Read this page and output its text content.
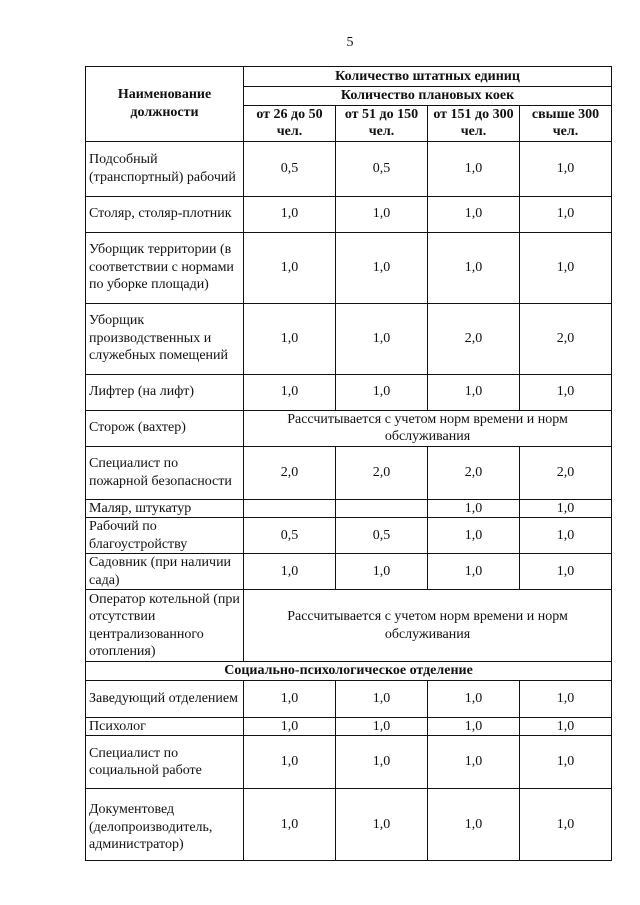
5
Наименование должности	Количество штатных единиц			
	Количество плановых коек			
	от 26 до 50 чел.	от 51 до 150 чел.	от 151 до 300 чел.	свыше 300 чел.
Подсобный (транспортный) рабочий	0,5	0,5	1,0	1,0
Столяр, столяр-плотник	1,0	1,0	1,0	1,0
Уборщик территории (в соответствии с нормами по уборке площади)	1,0	1,0	1,0	1,0
Уборщик производственных и служебных помещений	1,0	1,0	2,0	2,0
Лифтер (на лифт)	1,0	1,0	1,0	1,0
Сторож (вахтер)	Рассчитывается с учетом норм времени и норм обслуживания			
Специалист по пожарной безопасности	2,0	2,0	2,0	2,0
Маляр, штукатур			1,0	1,0
Рабочий по благоустройству	0,5	0,5	1,0	1,0
Садовник (при наличии сада)	1,0	1,0	1,0	1,0
Оператор котельной (при отсутствии централизованного отопления)	Рассчитывается с учетом норм времени и норм обслуживания			
Социально-психологическое отделение				
Заведующий отделением	1,0	1,0	1,0	1,0
Психолог	1,0	1,0	1,0	1,0
Специалист по социальной работе	1,0	1,0	1,0	1,0
Документовед (делопроизводитель, администратор)	1,0	1,0	1,0	1,0
